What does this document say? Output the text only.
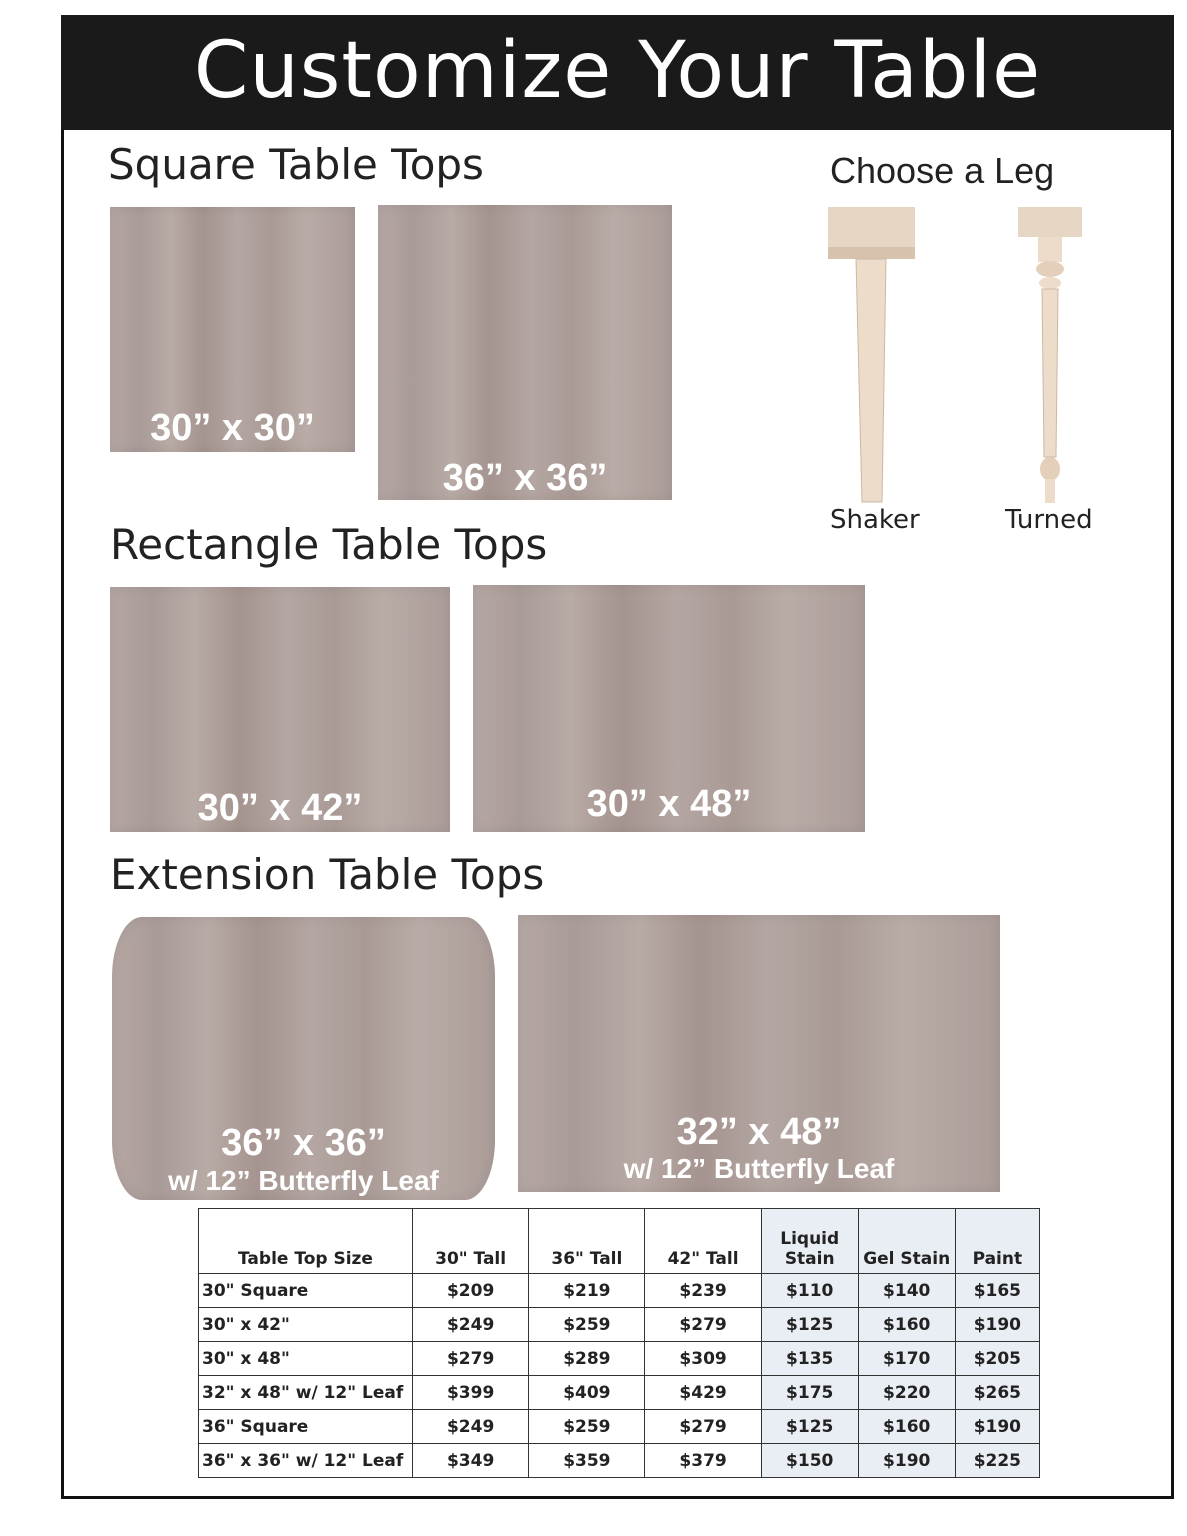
Customize Your Table
Square Table Tops
30” x 30”
36” x 36”
Choose a Leg
Shaker	Turned
Rectangle Table Tops
30” x 42”	30” x 48”
Extension Table Tops
36” x 36”
w/ 12” Butterfly Leaf
32” x 48”
w/ 12” Butterfly Leaf
Table Top Size	30" Tall	36" Tall	42" Tall	Liquid Stain	Gel Stain	Paint
30" Square	$209	$219	$239	$110	$140	$165
30" x 42"	$249	$259	$279	$125	$160	$190
30" x 48"	$279	$289	$309	$135	$170	$205
32" x 48" w/ 12" Leaf	$399	$409	$429	$175	$220	$265
36" Square	$249	$259	$279	$125	$160	$190
36" x 36" w/ 12" Leaf	$349	$359	$379	$150	$190	$225
